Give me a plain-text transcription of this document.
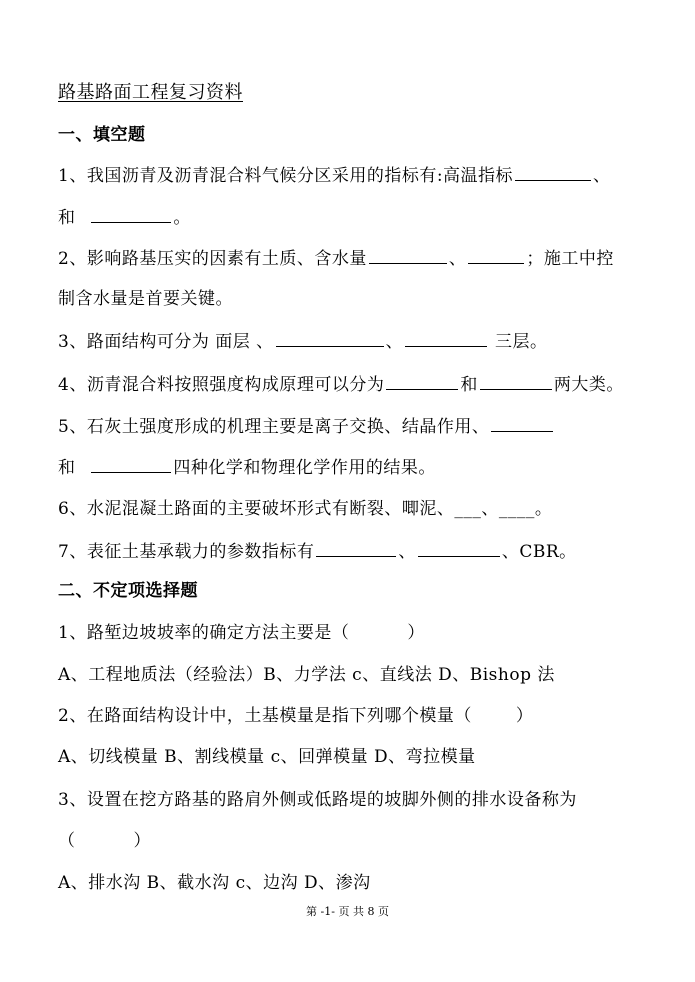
路基路面工程复习资料
一、填空题
1、我国沥青及沥青混合料气候分区采用的指标有:高温指标	、
和	。
2、影响路基压实的因素有土质、含水量	、	；施工中控
制含水量是首要关键。
3、路面结构可分为 面层 、	、	三层。
4、沥青混合料按照强度构成原理可以分为	和	两大类。
5、石灰土强度形成的机理主要是离子交换、结晶作用、
和	四种化学和物理化学作用的结果。
6、水泥混凝土路面的主要破坏形式有断裂、唧泥、___、____。
7、表征土基承载力的参数指标有	、	、CBR。
二、不定项选择题
1、路堑边坡坡率的确定方法主要是（	）
A、工程地质法（经验法）B、力学法 c、直线法 D、Bishop 法
2、在路面结构设计中，土基模量是指下列哪个模量（	）
A、切线模量 B、割线模量 c、回弹模量 D、弯拉模量
3、设置在挖方路基的路肩外侧或低路堤的坡脚外侧的排水设备称为
（	）
A、排水沟 B、截水沟 c、边沟 D、渗沟
第 -1- 页 共 8 页
